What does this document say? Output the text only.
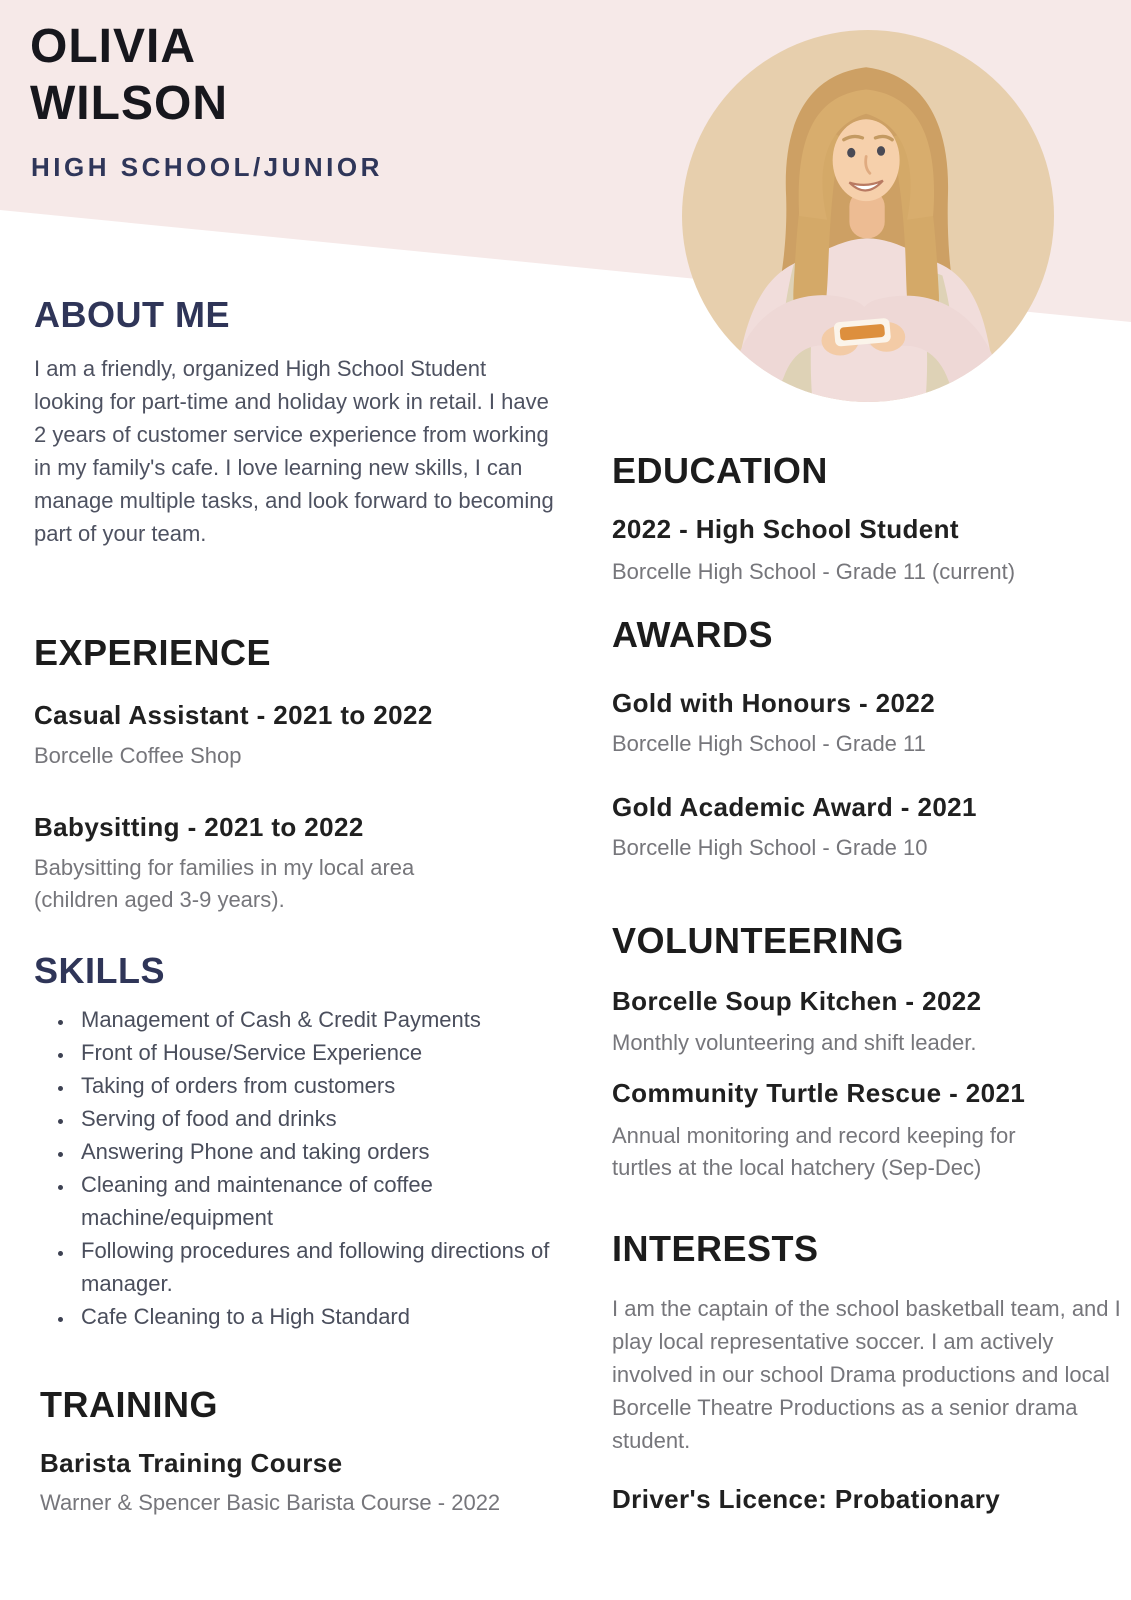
OLIVIA
WILSON
HIGH SCHOOL/JUNIOR
ABOUT ME
I am a friendly, organized High School Student looking for part-time and holiday work in retail. I have 2 years of customer service experience from working in my family's cafe. I love learning new skills, I can manage multiple tasks, and look forward to becoming part of your team.
EXPERIENCE
Casual Assistant - 2021 to 2022
Borcelle Coffee Shop
Babysitting - 2021 to 2022
Babysitting for families in my local area (children aged 3-9 years).
SKILLS
• Management of Cash & Credit Payments
• Front of House/Service Experience
• Taking of orders from customers
• Serving of food and drinks
• Answering Phone and taking orders
• Cleaning and maintenance of coffee machine/equipment
• Following procedures and following directions of manager.
• Cafe Cleaning to a High Standard
TRAINING
Barista Training Course
Warner & Spencer Basic Barista Course - 2022
EDUCATION
2022 - High School Student
Borcelle High School - Grade 11 (current)
AWARDS
Gold with Honours - 2022
Borcelle High School - Grade 11
Gold Academic Award - 2021
Borcelle High School - Grade 10
VOLUNTEERING
Borcelle Soup Kitchen - 2022
Monthly volunteering and shift leader.
Community Turtle Rescue - 2021
Annual monitoring and record keeping for turtles at the local hatchery (Sep-Dec)
INTERESTS
I am the captain of the school basketball team, and I play local representative soccer. I am actively involved in our school Drama productions and local Borcelle Theatre Productions as a senior drama student.
Driver's Licence: Probationary
